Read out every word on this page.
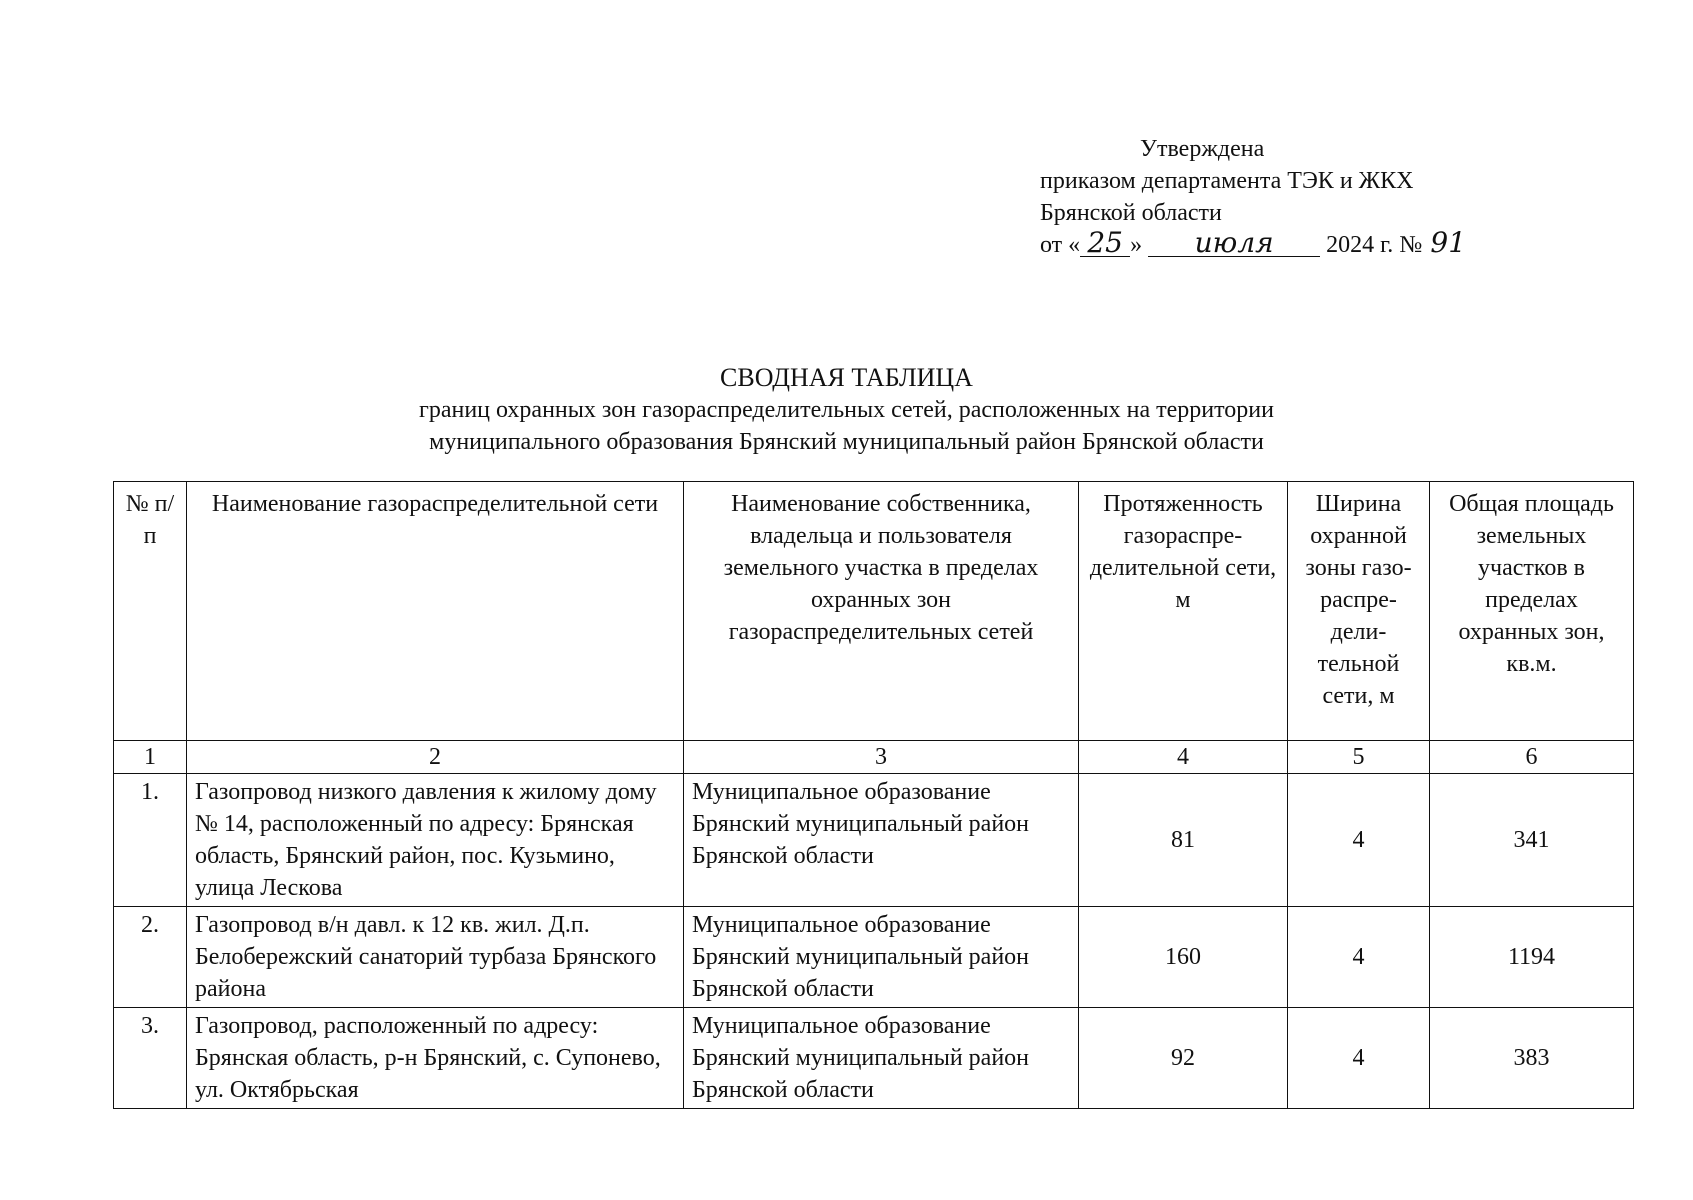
Утверждена
приказом департамента ТЭК и ЖКХ
Брянской области
от « 25 » июля 2024 г. № 91
СВОДНАЯ ТАБЛИЦА
границ охранных зон газораспределительных сетей, расположенных на территории
муниципального образования Брянский муниципальный район Брянской области
№ п/п	Наименование газораспределительной сети	Наименование собственника, владельца и пользователя земельного участка в пределах охранных зон газораспределительных сетей	Протяженность газораспре-делительной сети, м	Ширина охранной зоны газо-распре-дели-тельной сети, м	Общая площадь земельных участков в пределах охранных зон, кв.м.
1	2	3	4	5	6
1.	Газопровод низкого давления к жилому дому № 14, расположенный по адресу: Брянская область, Брянский район, пос. Кузьмино, улица Лескова	Муниципальное образование Брянский муниципальный район Брянской области	81	4	341
2.	Газопровод в/н давл. к 12 кв. жил. Д.п. Белобережский санаторий турбаза Брянского района	Муниципальное образование Брянский муниципальный район Брянской области	160	4	1194
3.	Газопровод, расположенный по адресу: Брянская область, р-н Брянский, с. Супонево, ул. Октябрьская	Муниципальное образование Брянский муниципальный район Брянской области	92	4	383
